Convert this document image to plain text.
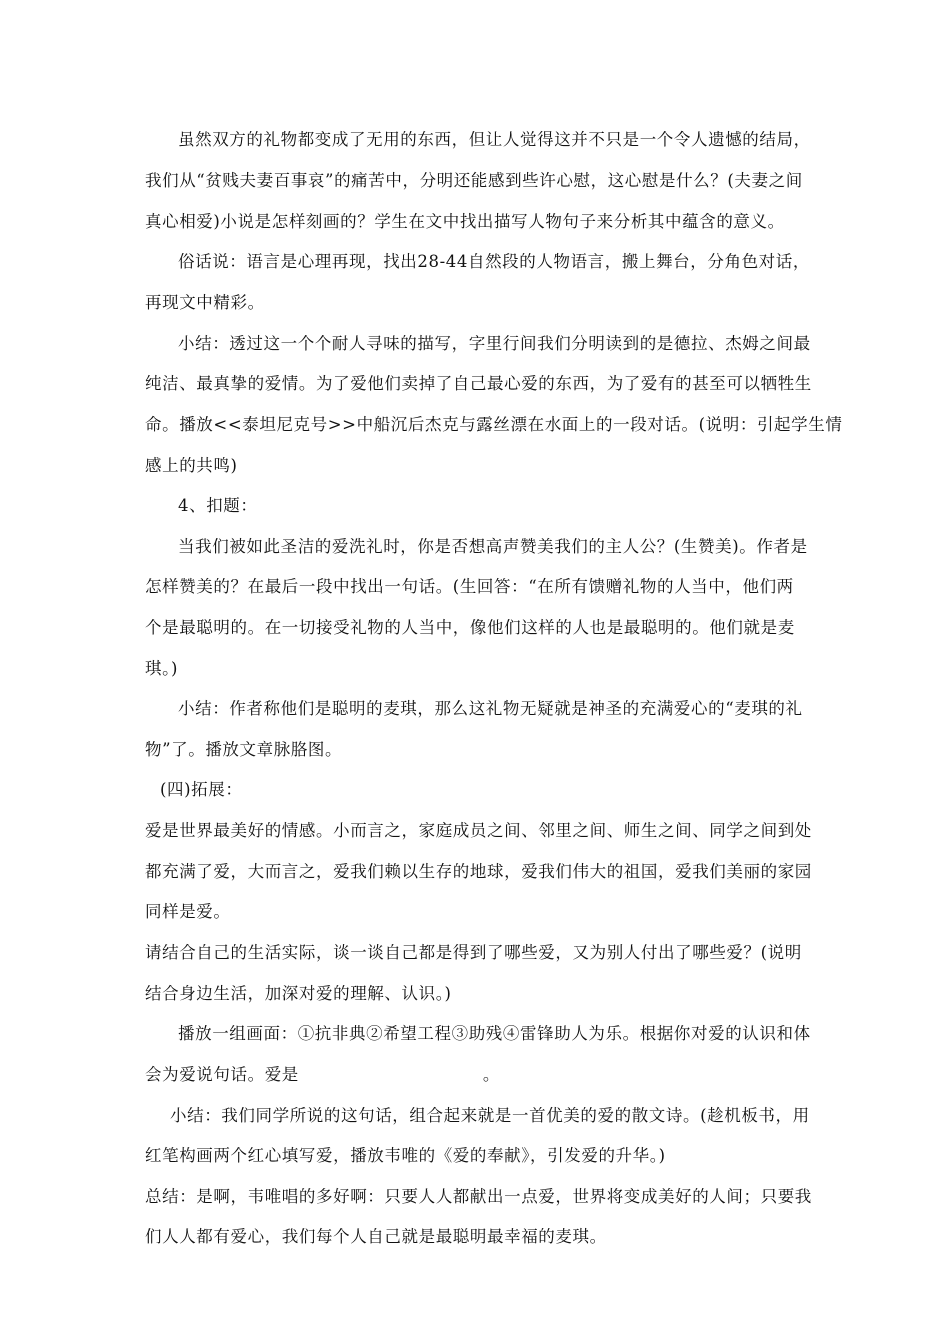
虽然双方的礼物都变成了无用的东西，但让人觉得这并不只是一个令人遗憾的结局，
我们从“贫贱夫妻百事哀”的痛苦中，分明还能感到些许心慰，这心慰是什么？(夫妻之间
真心相爱)小说是怎样刻画的？学生在文中找出描写人物句子来分析其中蕴含的意义。
俗话说：语言是心理再现，找出28-44自然段的人物语言，搬上舞台，分角色对话，
再现文中精彩。
小结：透过这一个个耐人寻味的描写，字里行间我们分明读到的是德拉、杰姆之间最
纯洁、最真挚的爱情。为了爱他们卖掉了自己最心爱的东西，为了爱有的甚至可以牺牲生
命。播放<<泰坦尼克号>>中船沉后杰克与露丝漂在水面上的一段对话。(说明：引起学生情
感上的共鸣)
4、扣题：
当我们被如此圣洁的爱洗礼时，你是否想高声赞美我们的主人公？(生赞美)。作者是
怎样赞美的？在最后一段中找出一句话。(生回答：“在所有馈赠礼物的人当中，他们两
个是最聪明的。在一切接受礼物的人当中，像他们这样的人也是最聪明的。他们就是麦
琪。)
小结：作者称他们是聪明的麦琪，那么这礼物无疑就是神圣的充满爱心的“麦琪的礼
物”了。播放文章脉胳图。
(四)拓展：
爱是世界最美好的情感。小而言之，家庭成员之间、邻里之间、师生之间、同学之间到处
都充满了爱，大而言之，爱我们赖以生存的地球，爱我们伟大的祖国，爱我们美丽的家园
同样是爱。
请结合自己的生活实际，谈一谈自己都是得到了哪些爱，又为别人付出了哪些爱？(说明
结合身边生活，加深对爱的理解、认识。)
播放一组画面：①抗非典②希望工程③助残④雷锋助人为乐。根据你对爱的认识和体
会为爱说句话。爱是	。
小结：我们同学所说的这句话，组合起来就是一首优美的爱的散文诗。(趁机板书，用
红笔构画两个红心填写爱，播放韦唯的《爱的奉献》，引发爱的升华。)
总结：是啊，韦唯唱的多好啊：只要人人都献出一点爱，世界将变成美好的人间；只要我
们人人都有爱心，我们每个人自己就是最聪明最幸福的麦琪。
